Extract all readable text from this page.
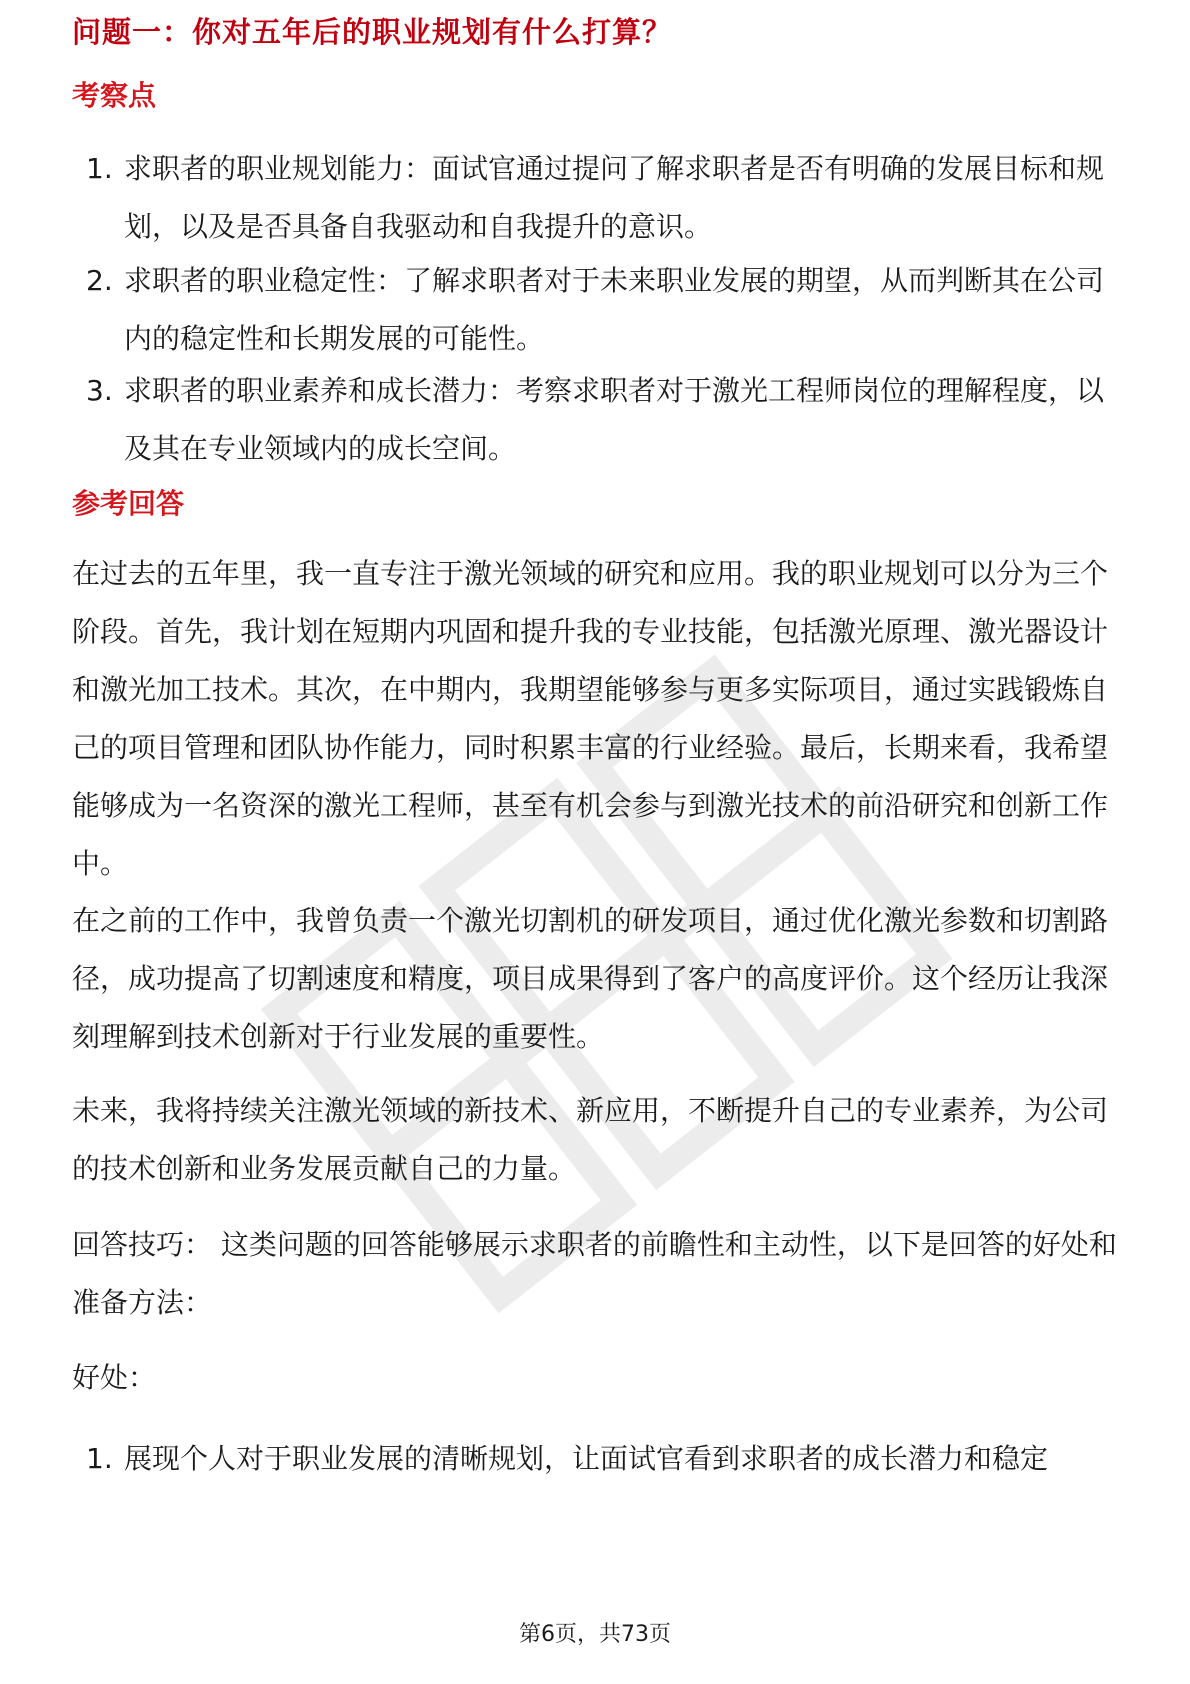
问题一：你对五年后的职业规划有什么打算？
考察点
1. 求职者的职业规划能力：面试官通过提问了解求职者是否有明确的发展目标和规划，以及是否具备自我驱动和自我提升的意识。
2. 求职者的职业稳定性：了解求职者对于未来职业发展的期望，从而判断其在公司内的稳定性和长期发展的可能性。
3. 求职者的职业素养和成长潜力：考察求职者对于激光工程师岗位的理解程度，以及其在专业领域内的成长空间。
参考回答

在过去的五年里，我一直专注于激光领域的研究和应用。我的职业规划可以分为三个阶段。首先，我计划在短期内巩固和提升我的专业技能，包括激光原理、激光器设计和激光加工技术。其次，在中期内，我期望能够参与更多实际项目，通过实践锻炼自己的项目管理和团队协作能力，同时积累丰富的行业经验。最后，长期来看，我希望能够成为一名资深的激光工程师，甚至有机会参与到激光技术的前沿研究和创新工作中。

在之前的工作中，我曾负责一个激光切割机的研发项目，通过优化激光参数和切割路径，成功提高了切割速度和精度，项目成果得到了客户的高度评价。这个经历让我深刻理解到技术创新对于行业发展的重要性。

未来，我将持续关注激光领域的新技术、新应用，不断提升自己的专业素养，为公司的技术创新和业务发展贡献自己的力量。

回答技巧： 这类问题的回答能够展示求职者的前瞻性和主动性，以下是回答的好处和准备方法：

好处：

1. 展现个人对于职业发展的清晰规划，让面试官看到求职者的成长潜力和稳定
第6页，共73页
